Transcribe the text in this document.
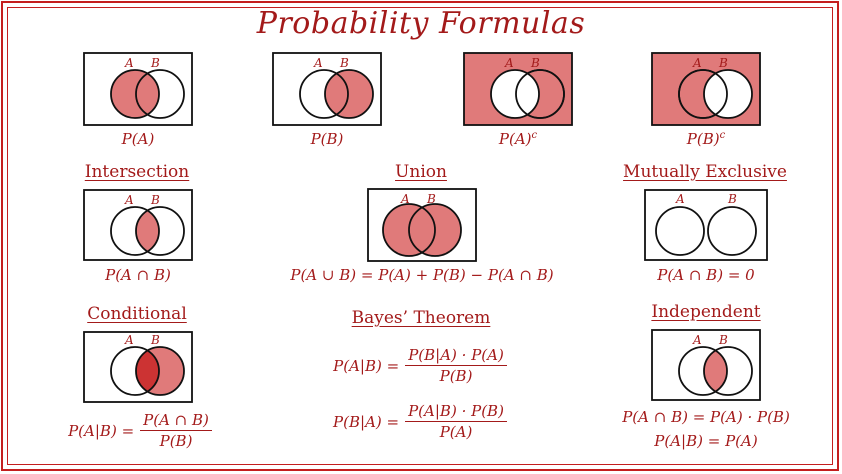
Probability Formulas
A B
P(A)
A B
P(B)
A B
$P(A)^c$
A B
$P(B)^c$
Intersection
A B
P(A ∩ B)
Union
A B
P(A ∪ B) = P(A) + P(B) − P(A ∩ B)
Mutually Exclusive
A	B
P(A ∩ B) = 0
Conditional
A B
$P(A|B) = \frac{P(A \cap B)}{P(B)}$
Bayes’ Theorem
$P(A|B) = \frac{P(B|A) \cdot P(A)}{P(B)}$
$P(B|A) = \frac{P(A|B) \cdot P(B)}{P(A)}$
Independent
A B
P(A ∩ B) = P(A) · P(B)
P(A|B) = P(A)
